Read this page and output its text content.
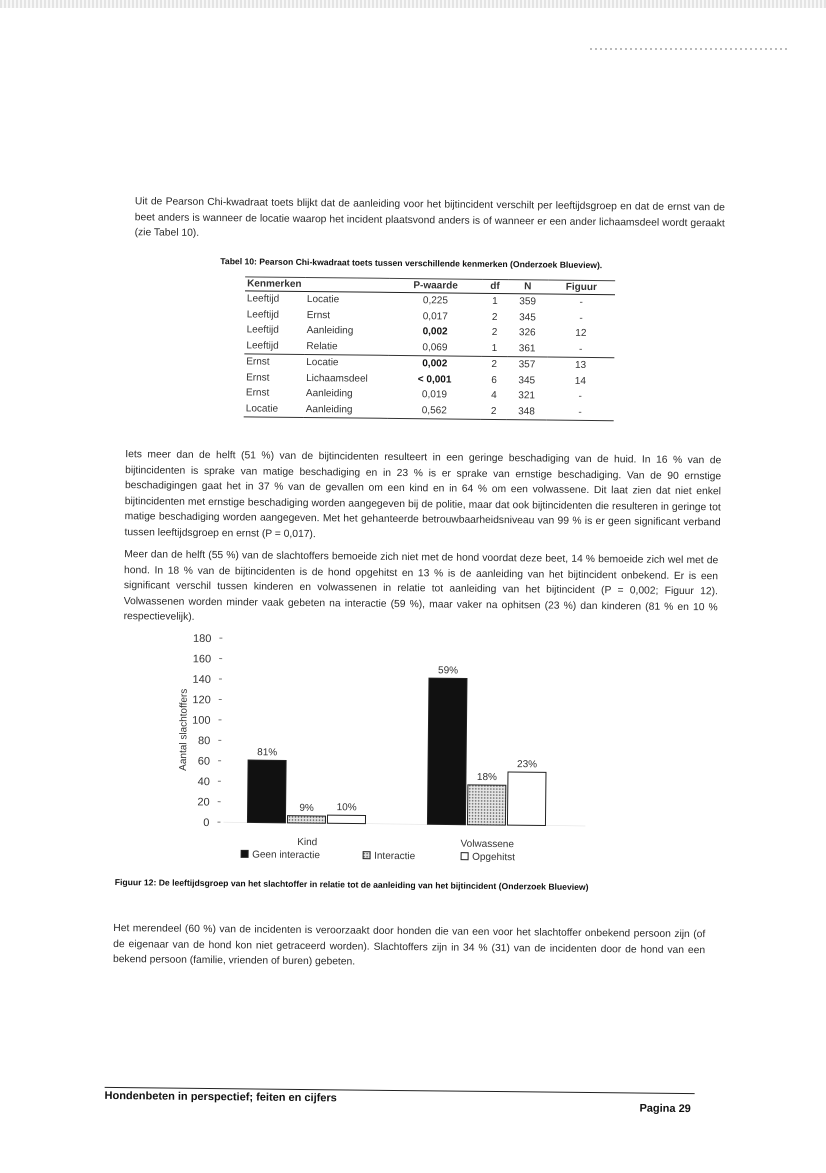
Uit de Pearson Chi-kwadraat toets blijkt dat de aanleiding voor het bijtincident verschilt per leeftijdsgroep en dat de ernst van de beet anders is wanneer de locatie waarop het incident plaatsvond anders is of wanneer er een ander lichaamsdeel wordt geraakt (zie Tabel 10).

Tabel 10: Pearson Chi-kwadraat toets tussen verschillende kenmerken (Onderzoek Blueview).
Kenmerken		P-waarde	df	N	Figuur
Leeftijd	Locatie	0,225	1	359	-
Leeftijd	Ernst	0,017	2	345	-
Leeftijd	Aanleiding	0,002	2	326	12
Leeftijd	Relatie	0,069	1	361	-
Ernst	Locatie	0,002	2	357	13
Ernst	Lichaamsdeel	< 0,001	6	345	14
Ernst	Aanleiding	0,019	4	321	-
Locatie	Aanleiding	0,562	2	348	-

Iets meer dan de helft (51 %) van de bijtincidenten resulteert in een geringe beschadiging van de huid. In 16 % van de bijtincidenten is sprake van matige beschadiging en in 23 % is er sprake van ernstige beschadiging. Van de 90 ernstige beschadigingen gaat het in 37 % van de gevallen om een kind en in 64 % om een volwassene. Dit laat zien dat niet enkel bijtincidenten met ernstige beschadiging worden aangegeven bij de politie, maar dat ook bijtincidenten die resulteren in geringe tot matige beschadiging worden aangegeven. Met het gehanteerde betrouwbaarheidsniveau van 99 % is er geen significant verband tussen leeftijdsgroep en ernst (P = 0,017).

Meer dan de helft (55 %) van de slachtoffers bemoeide zich niet met de hond voordat deze beet, 14 % bemoeide zich wel met de hond. In 18 % van de bijtincidenten is de hond opgehitst en 13 % is de aanleiding van het bijtincident onbekend. Er is een significant verschil tussen kinderen en volwassenen in relatie tot aanleiding van het bijtincident (P = 0,002; Figuur 12). Volwassenen worden minder vaak gebeten na interactie (59 %), maar vaker na ophitsen (23 %) dan kinderen (81 % en 10 % respectievelijk).

0
20
40
60
80
100
120
140
160
180
Aantal slachtoffers	81%
9% 10%
Kind
59%
18%
23%
Volwassene
Geen interactie	Interactie	Opgehitst
Figuur 12: De leeftijdsgroep van het slachtoffer in relatie tot de aanleiding van het bijtincident (Onderzoek Blueview)

Het merendeel (60 %) van de incidenten is veroorzaakt door honden die van een voor het slachtoffer onbekend persoon zijn (of de eigenaar van de hond kon niet getraceerd worden). Slachtoffers zijn in 34 % (31) van de incidenten door de hond van een bekend persoon (familie, vrienden of buren) gebeten.

Hondenbeten in perspectief; feiten en cijfers
Pagina 29
